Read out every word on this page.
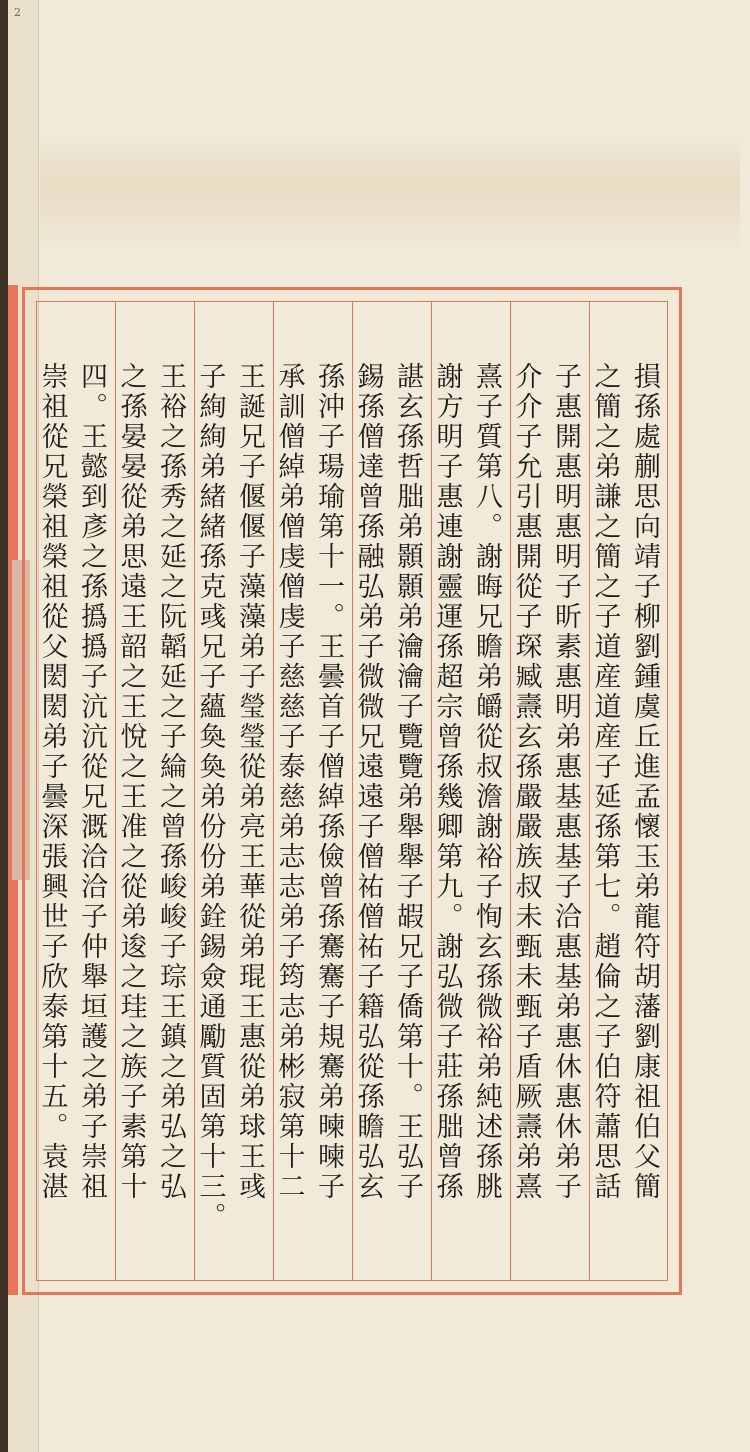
2
損孫處蒯思向靖子柳劉鍾虞丘進孟懷玉弟龍符胡藩劉康祖伯父簡
之簡之弟謙之簡之子道産道産子延孫第七。趙倫之子伯符蕭思話
子惠開惠明惠明子昕素惠明弟惠基惠基子洽惠基弟惠休惠休弟子
介介子允引惠開從子琛臧燾玄孫嚴嚴族叔未甄未甄子盾厥燾弟熹
熹子質第八。謝晦兄瞻弟皭從叔澹謝裕子恂玄孫微裕弟純述孫朓
謝方明子惠連謝靈運孫超宗曾孫幾卿第九。謝弘微子莊孫朏曾孫
諶玄孫哲朏弟顥顥弟瀹瀹子覽覽弟舉舉子嘏兄子僑第十。王弘子
錫孫僧達曾孫融弘弟子微微兄遠遠子僧祐僧祐子籍弘從孫瞻弘玄
孫沖子瑒瑜第十一。王曇首子僧綽孫儉曾孫騫騫子規騫弟暕暕子
承訓僧綽弟僧虔僧虔子慈慈子泰慈弟志志弟子筠志弟彬寂第十二
王誕兄子偃偃子藻藻弟子瑩瑩從弟亮王華從弟琨王惠從弟球王彧
子絢絢弟緒緒孫克彧兄子蘊奐奐弟份份弟銓錫僉通勵質固第十三。
王裕之孫秀之延之阮韜延之子綸之曾孫峻峻子琮王鎮之弟弘之弘
之孫晏晏從弟思遠王韶之王悅之王准之從弟逡之珪之族子素第十
四。王懿到彥之孫撝撝子沆沆從兄溉洽洽子仲舉垣護之弟子崇祖
崇祖從兄榮祖榮祖從父閎閎弟子曇深張興世子欣泰第十五。袁湛
